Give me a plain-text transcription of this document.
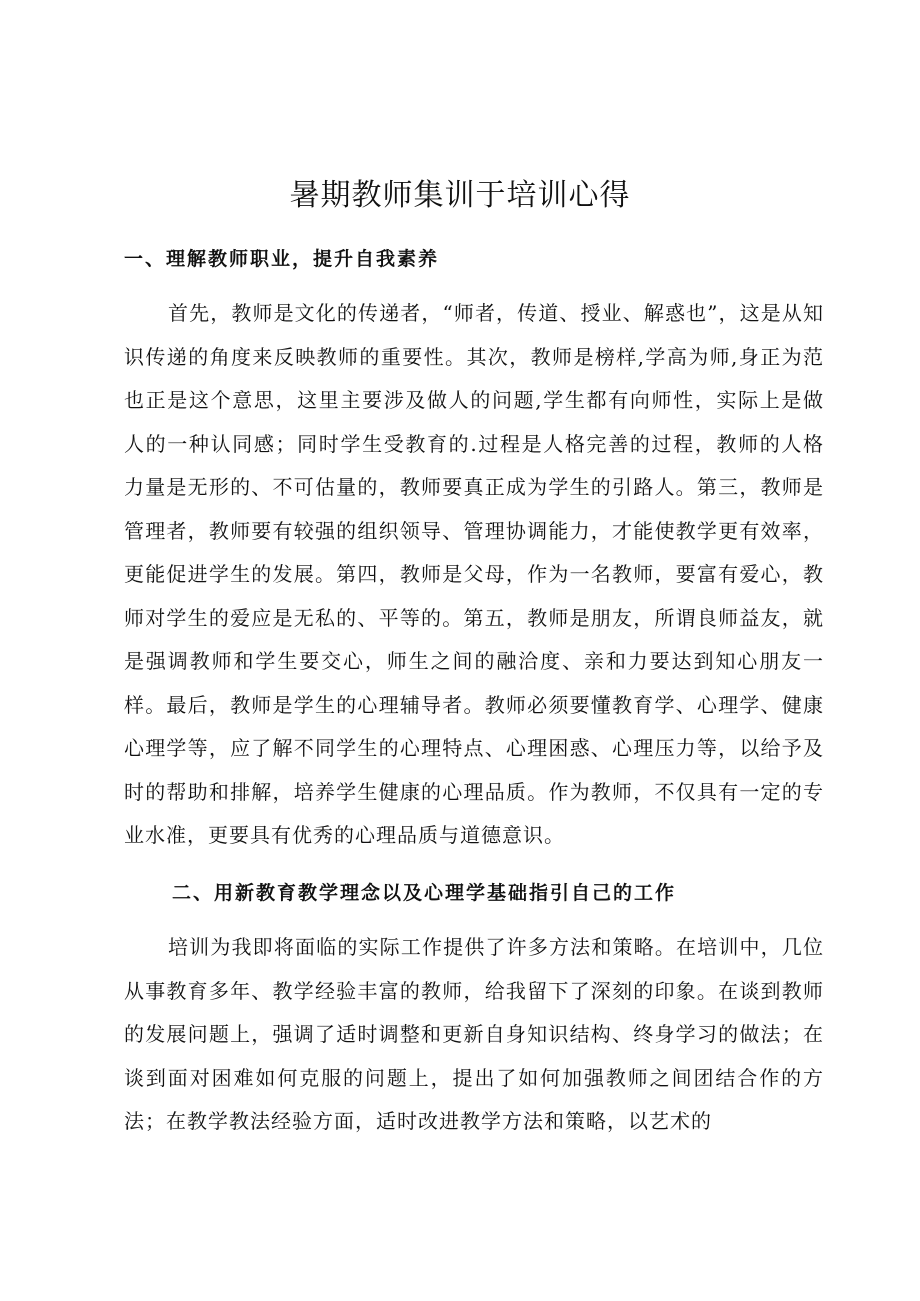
暑期教师集训于培训心得
一、理解教师职业，提升自我素养
首先，教师是文化的传递者，“师者，传道、授业、解惑也”，这是从知识传递的角度来反映教师的重要性。其次，教师是榜样,学高为师,身正为范也正是这个意思，这里主要涉及做人的问题,学生都有向师性，实际上是做人的一种认同感；同时学生受教育的.过程是人格完善的过程，教师的人格力量是无形的、不可估量的，教师要真正成为学生的引路人。第三，教师是管理者，教师要有较强的组织领导、管理协调能力，才能使教学更有效率，更能促进学生的发展。第四，教师是父母，作为一名教师，要富有爱心，教师对学生的爱应是无私的、平等的。第五，教师是朋友，所谓良师益友，就是强调教师和学生要交心，师生之间的融洽度、亲和力要达到知心朋友一样。最后，教师是学生的心理辅导者。教师必须要懂教育学、心理学、健康心理学等，应了解不同学生的心理特点、心理困惑、心理压力等，以给予及时的帮助和排解，培养学生健康的心理品质。作为教师，不仅具有一定的专业水准，更要具有优秀的心理品质与道德意识。
二、用新教育教学理念以及心理学基础指引自己的工作
培训为我即将面临的实际工作提供了许多方法和策略。在培训中，几位从事教育多年、教学经验丰富的教师，给我留下了深刻的印象。在谈到教师的发展问题上，强调了适时调整和更新自身知识结构、终身学习的做法；在谈到面对困难如何克服的问题上，提出了如何加强教师之间团结合作的方法；在教学教法经验方面，适时改进教学方法和策略，以艺术的
